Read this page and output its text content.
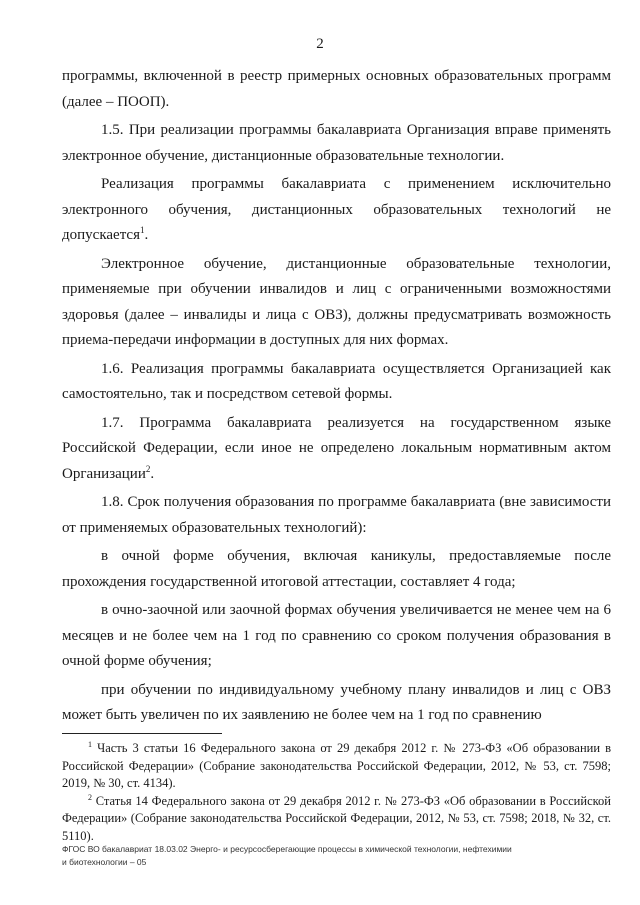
2

программы, включенной в реестр примерных основных образовательных программ (далее – ПООП).

1.5. При реализации программы бакалавриата Организация вправе применять электронное обучение, дистанционные образовательные технологии.

Реализация программы бакалавриата с применением исключительно электронного обучения, дистанционных образовательных технологий не допускается$^1$.

Электронное обучение, дистанционные образовательные технологии, применяемые при обучении инвалидов и лиц с ограниченными возможностями здоровья (далее – инвалиды и лица с ОВЗ), должны предусматривать возможность приема-передачи информации в доступных для них формах.

1.6. Реализация программы бакалавриата осуществляется Организацией как самостоятельно, так и посредством сетевой формы.

1.7. Программа бакалавриата реализуется на государственном языке Российской Федерации, если иное не определено локальным нормативным актом Организации$^2$.

1.8. Срок получения образования по программе бакалавриата (вне зависимости от применяемых образовательных технологий):

в очной форме обучения, включая каникулы, предоставляемые после прохождения государственной итоговой аттестации, составляет 4 года;

в очно-заочной или заочной формах обучения увеличивается не менее чем на 6 месяцев и не более чем на 1 год по сравнению со сроком получения образования в очной форме обучения;

при обучении по индивидуальному учебному плану инвалидов и лиц с ОВЗ может быть увеличен по их заявлению не более чем на 1 год по сравнению

$^1$ Часть 3 статьи 16 Федерального закона от 29 декабря 2012 г. № 273-ФЗ «Об образовании в Российской Федерации» (Собрание законодательства Российской Федерации, 2012, № 53, ст. 7598; 2019, № 30, ст. 4134).

$^2$ Статья 14 Федерального закона от 29 декабря 2012 г. № 273-ФЗ «Об образовании в Российской Федерации» (Собрание законодательства Российской Федерации, 2012, № 53, ст. 7598; 2018, № 32, ст. 5110).

ФГОС ВО бакалавриат 18.03.02 Энерго- и ресурсосберегающие процессы в химической технологии, нефтехимии
и биотехнологии – 05
